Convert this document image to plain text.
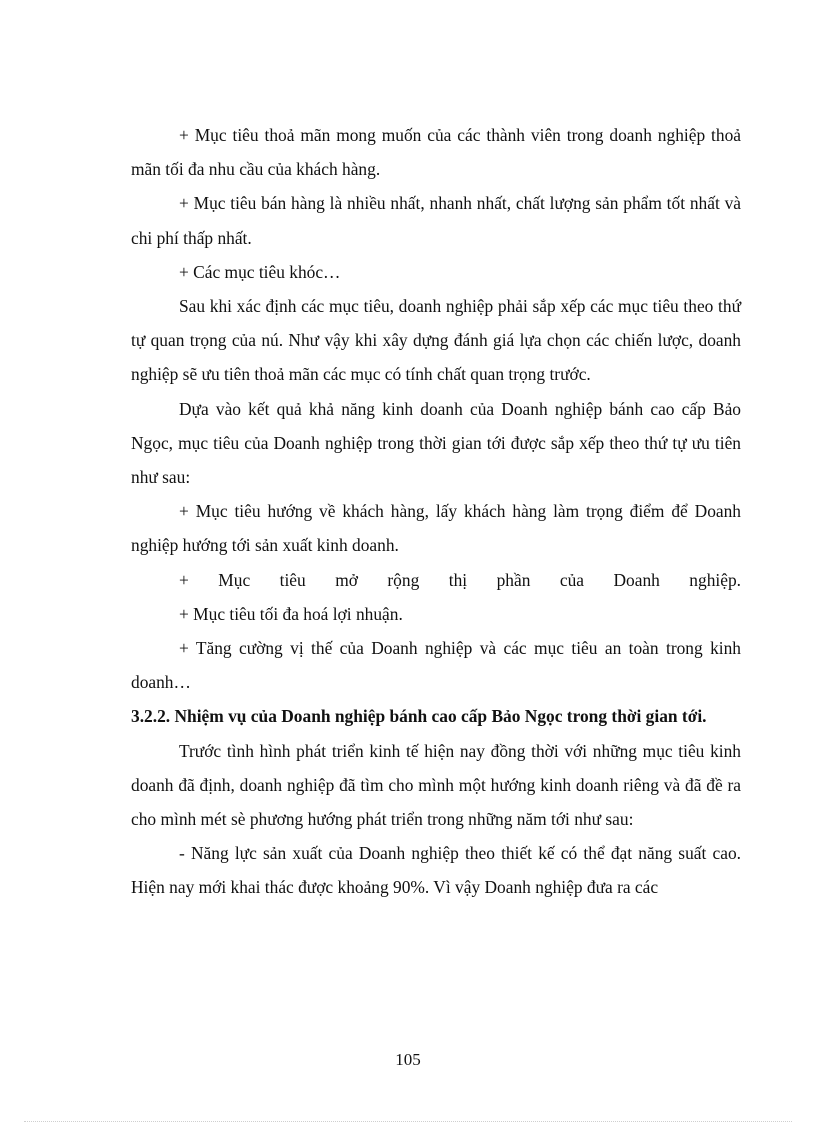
+ Mục tiêu thoả mãn mong muốn của các thành viên trong doanh nghiệp thoả mãn tối đa nhu cầu của khách hàng.

+ Mục tiêu bán hàng là nhiều nhất, nhanh nhất, chất lượng sản phẩm tốt nhất và chi phí thấp nhất.

+ Các mục tiêu khóc…

Sau khi xác định các mục tiêu, doanh nghiệp phải sắp xếp các mục tiêu theo thứ tự quan trọng của nú. Như vậy khi xây dựng đánh giá lựa chọn các chiến lược, doanh nghiệp sẽ ưu tiên thoả mãn các mục có tính chất quan trọng trước.

Dựa vào kết quả khả năng kinh doanh của Doanh nghiệp bánh cao cấp Bảo Ngọc, mục tiêu của Doanh nghiệp trong thời gian tới được sắp xếp theo thứ tự ưu tiên như sau:

+ Mục tiêu hướng về khách hàng, lấy khách hàng làm trọng điểm để Doanh nghiệp hướng tới sản xuất kinh doanh.

+ Mục tiêu mở rộng thị phần của Doanh nghiệp.

+ Mục tiêu tối đa hoá lợi nhuận.

+ Tăng cường vị thế của Doanh nghiệp và các mục tiêu an toàn trong kinh doanh…

3.2.2. Nhiệm vụ của Doanh nghiệp bánh cao cấp Bảo Ngọc trong thời gian tới.

Trước tình hình phát triển kinh tế hiện nay đồng thời với những mục tiêu kinh doanh đã định, doanh nghiệp đã tìm cho mình một hướng kinh doanh riêng và đã đề ra cho mình mét sè phương hướng phát triển trong những năm tới như sau:

- Năng lực sản xuất của Doanh nghiệp theo thiết kế có thể đạt năng suất cao. Hiện nay mới khai thác được khoảng 90%. Vì vậy Doanh nghiệp đưa ra các

105
